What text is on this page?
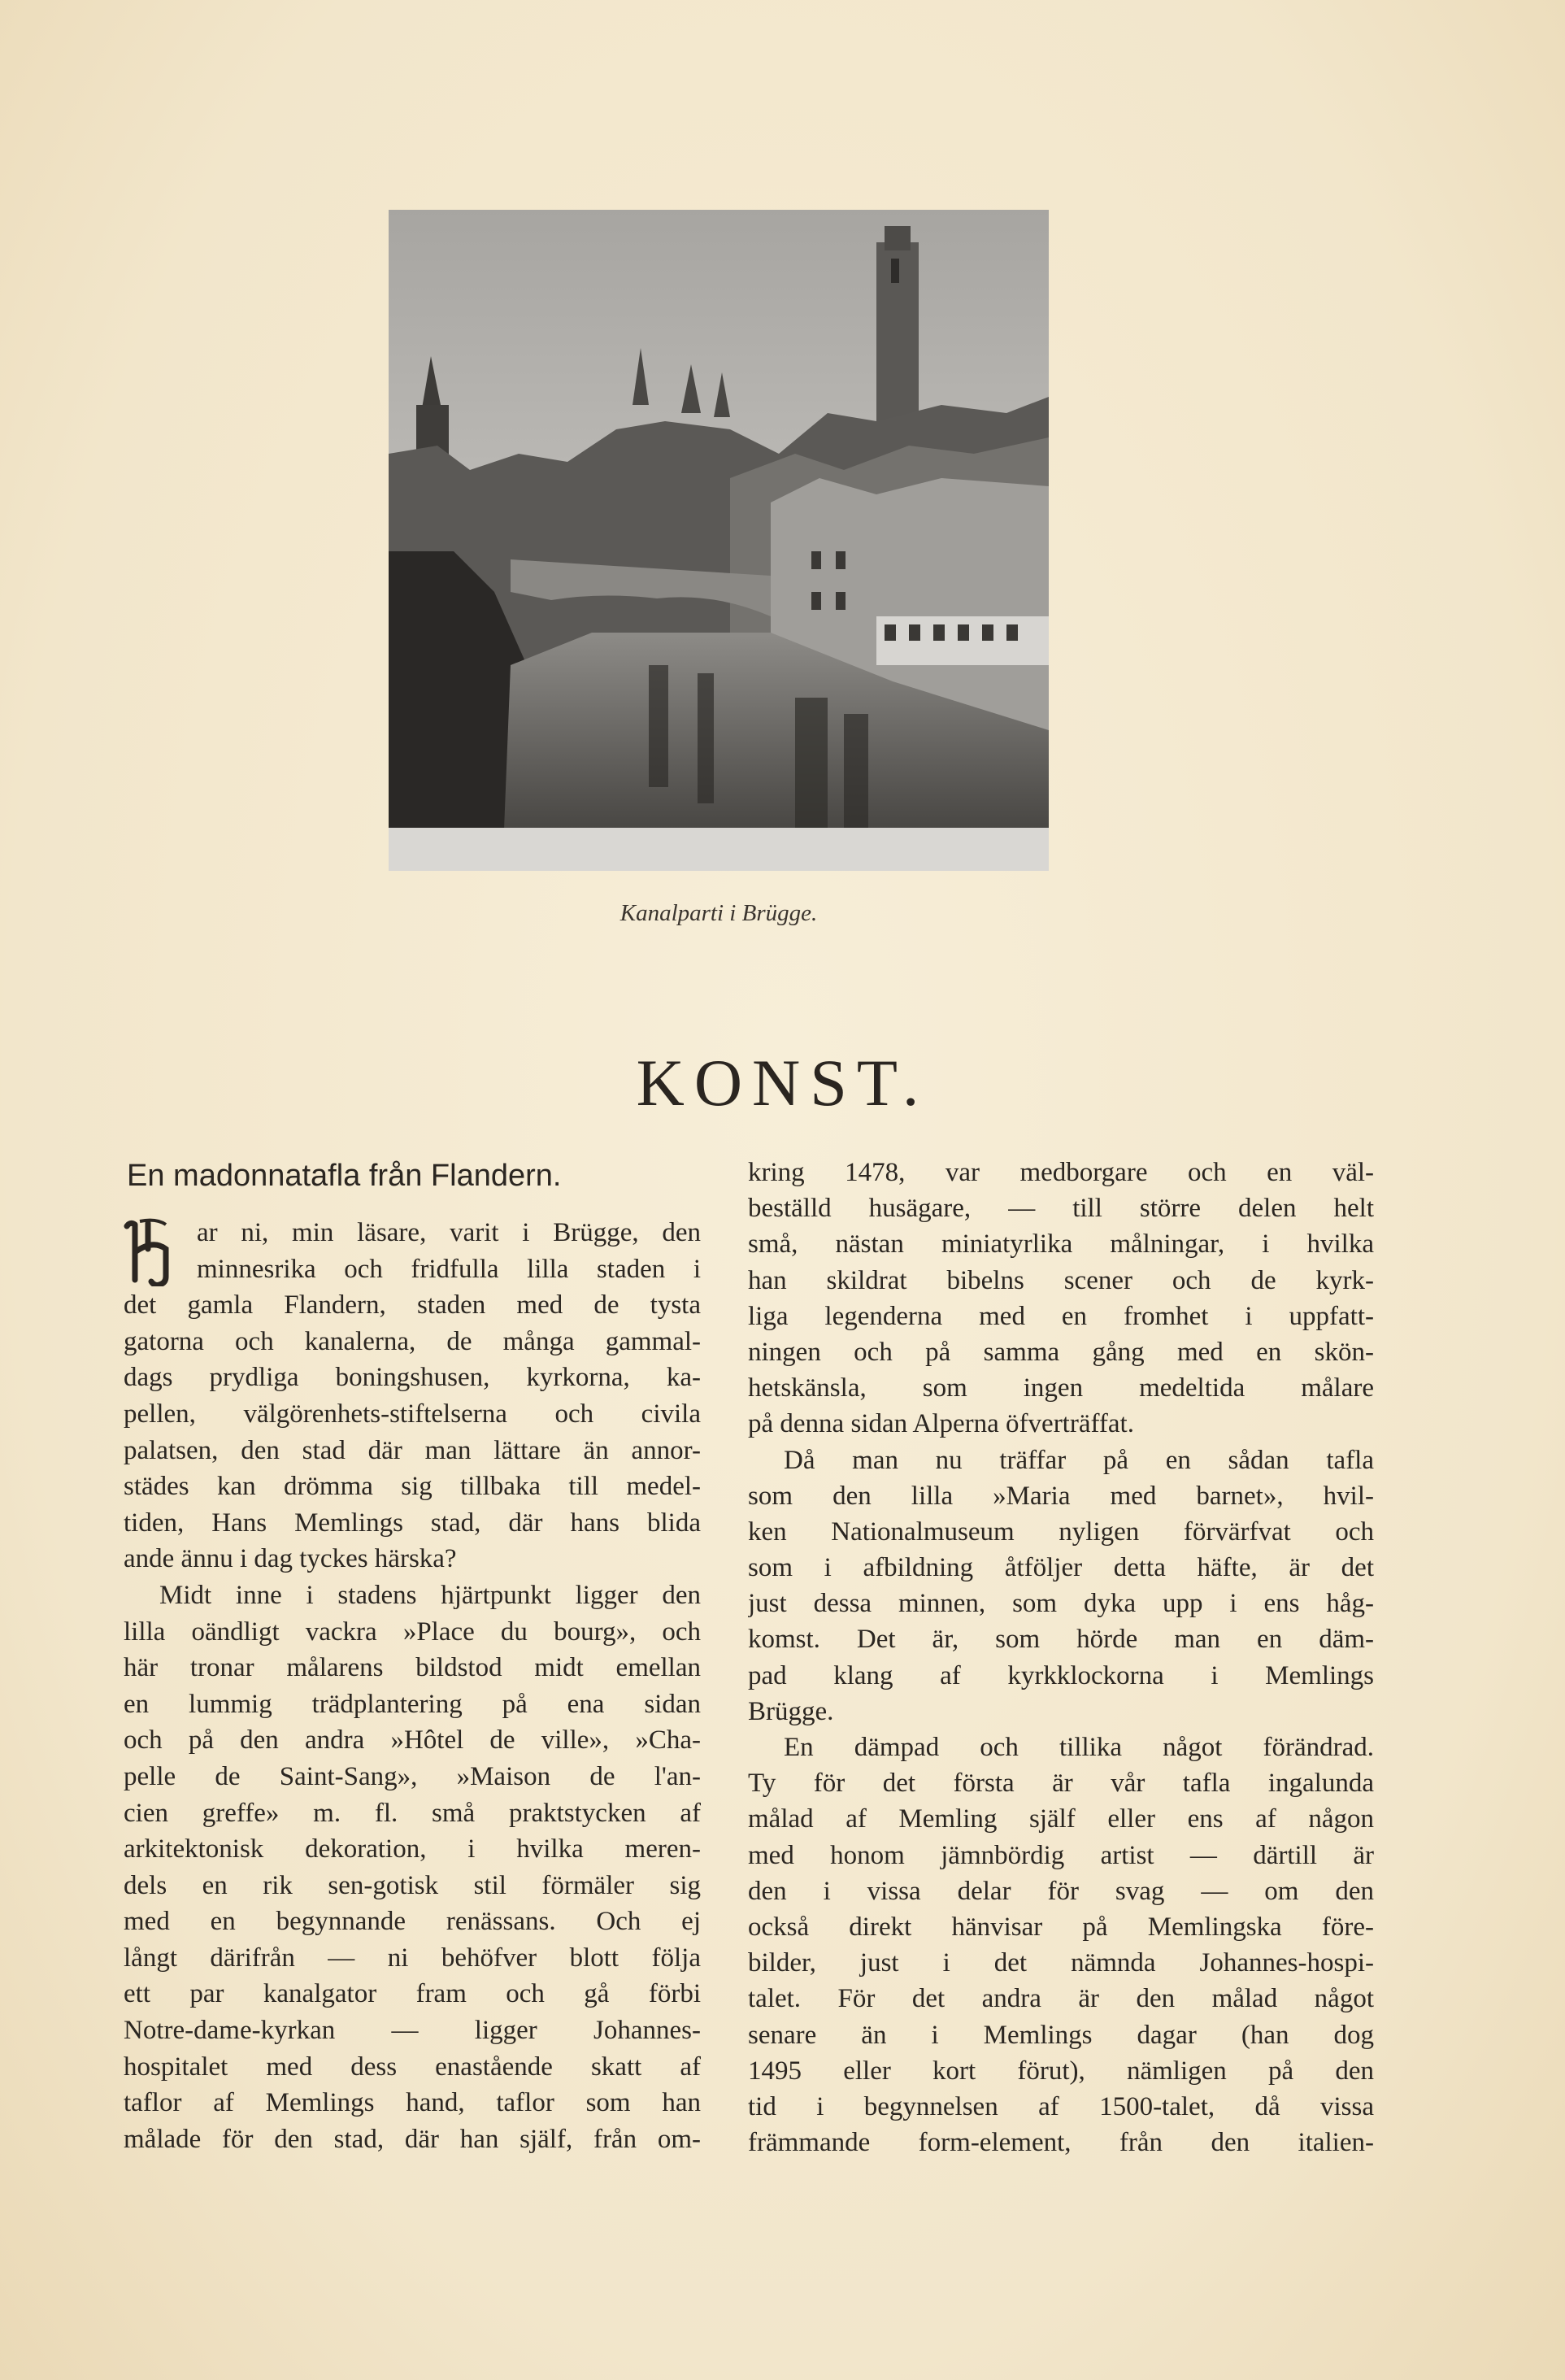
Kanalparti i Brügge.
KONST.
En madonnatafla från Flandern.
ar ni, min läsare, varit i Brügge, den
minnesrika och fridfulla lilla staden i
det gamla Flandern, staden med de tysta
gatorna och kanalerna, de många gammal-
dags prydliga boningshusen, kyrkorna, ka-
pellen, välgörenhets-stiftelserna och civila
palatsen, den stad där man lättare än annor-
städes kan drömma sig tillbaka till medel-
tiden, Hans Memlings stad, där hans blida
ande ännu i dag tyckes härska?
Midt inne i stadens hjärtpunkt ligger den
lilla oändligt vackra »Place du bourg», och
här tronar målarens bildstod midt emellan
en lummig trädplantering på ena sidan
och på den andra »Hôtel de ville», »Cha-
pelle de Saint-Sang», »Maison de l'an-
cien greffe» m. fl. små praktstycken af
arkitektonisk dekoration, i hvilka meren-
dels en rik sen-gotisk stil förmäler sig
med en begynnande renässans. Och ej
långt därifrån — ni behöfver blott följa
ett par kanalgator fram och gå förbi
Notre-dame-kyrkan — ligger Johannes-
hospitalet med dess enastående skatt af
taflor af Memlings hand, taflor som han
målade för den stad, där han själf, från om-
kring 1478, var medborgare och en väl-
beställd husägare, — till större delen helt
små, nästan miniatyrlika målningar, i hvilka
han skildrat bibelns scener och de kyrk-
liga legenderna med en fromhet i uppfatt-
ningen och på samma gång med en skön-
hetskänsla, som ingen medeltida målare
på denna sidan Alperna öfverträffat.
Då man nu träffar på en sådan tafla
som den lilla »Maria med barnet», hvil-
ken Nationalmuseum nyligen förvärfvat och
som i afbildning åtföljer detta häfte, är det
just dessa minnen, som dyka upp i ens håg-
komst. Det är, som hörde man en däm-
pad klang af kyrkklockorna i Memlings
Brügge.
En dämpad och tillika något förändrad.
Ty för det första är vår tafla ingalunda
målad af Memling själf eller ens af någon
med honom jämnbördig artist — därtill är
den i vissa delar för svag — om den
också direkt hänvisar på Memlingska före-
bilder, just i det nämnda Johannes-hospi-
talet. För det andra är den målad något
senare än i Memlings dagar (han dog
1495 eller kort förut), nämligen på den
tid i begynnelsen af 1500-talet, då vissa
främmande form-element, från den italien-
